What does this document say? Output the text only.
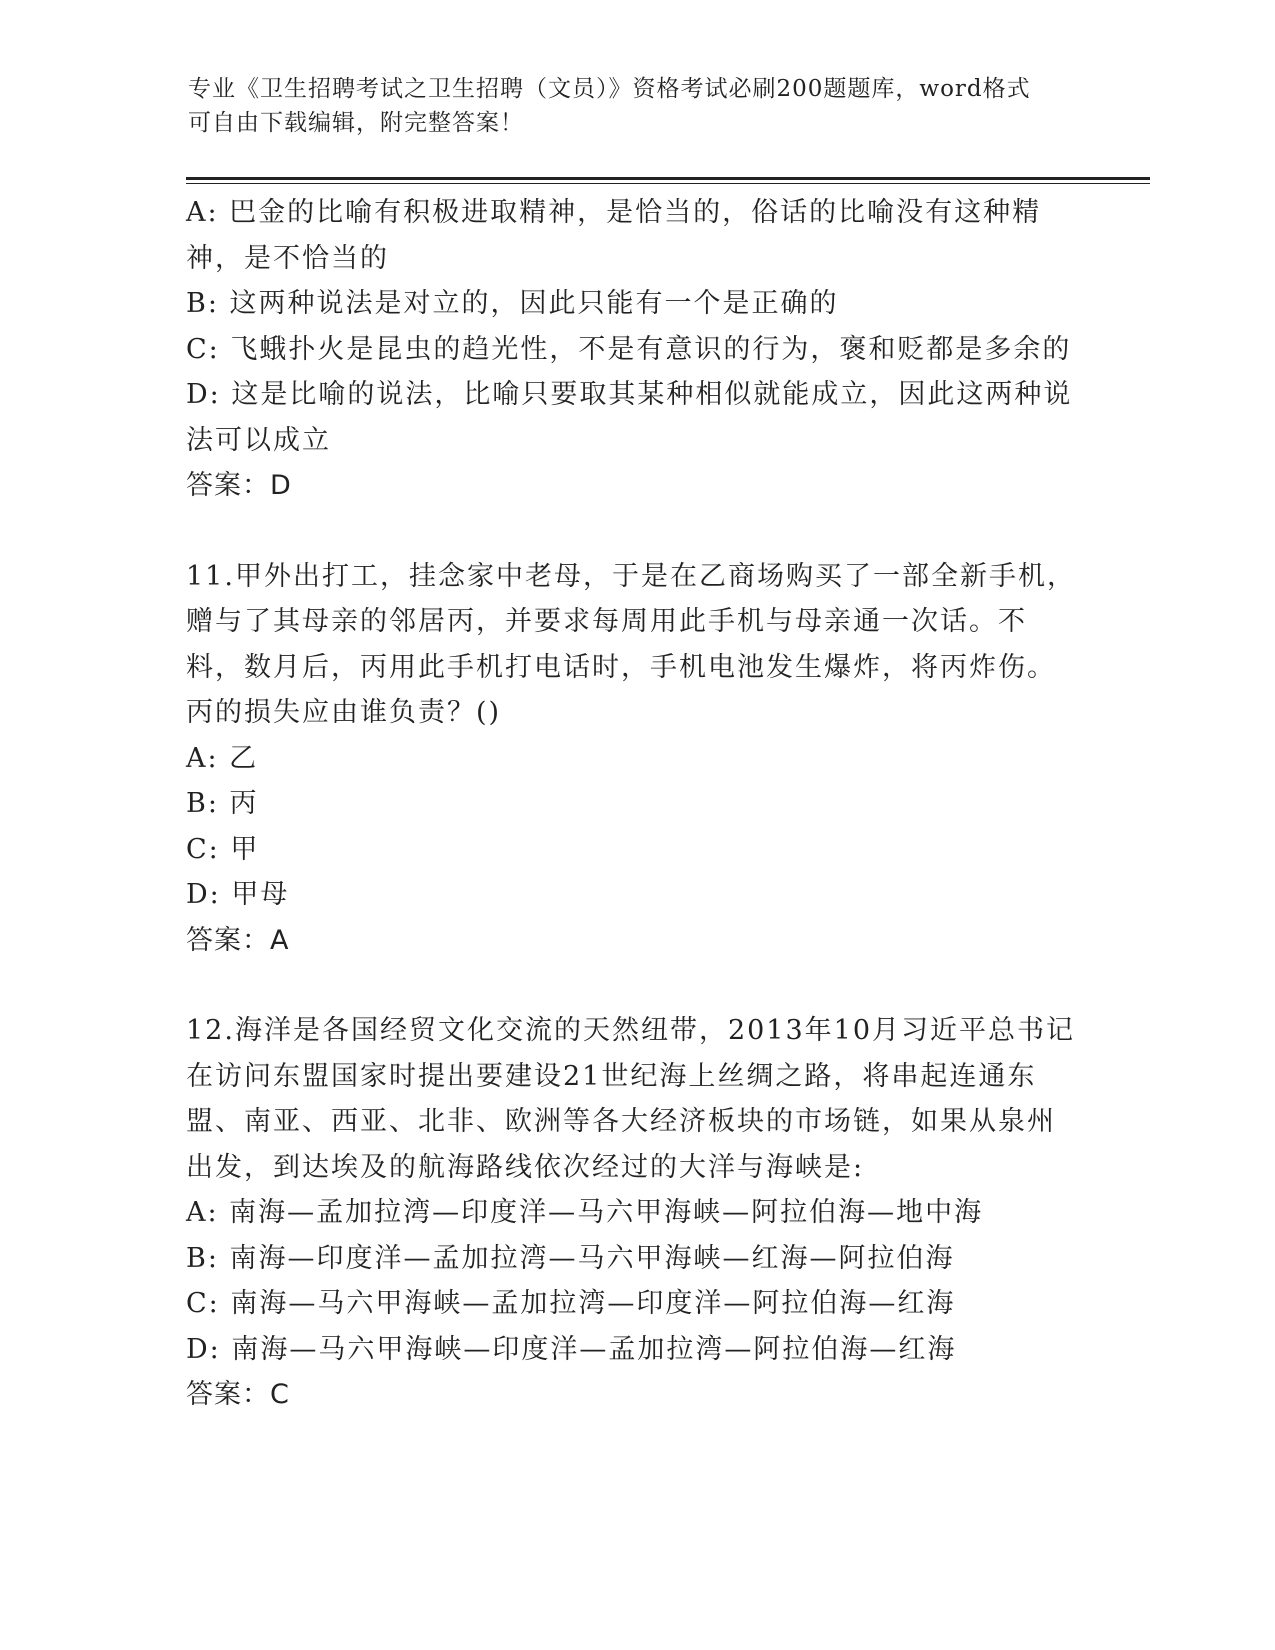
专业《卫生招聘考试之卫生招聘（文员）》资格考试必刷200题题库，word格式
可自由下载编辑，附完整答案！
A: 巴金的比喻有积极进取精神，是恰当的，俗话的比喻没有这种精神，是不恰当的
B: 这两种说法是对立的，因此只能有一个是正确的
C: 飞蛾扑火是昆虫的趋光性，不是有意识的行为，褒和贬都是多余的
D: 这是比喻的说法，比喻只要取其某种相似就能成立，因此这两种说法可以成立
答案：D
11.甲外出打工，挂念家中老母，于是在乙商场购买了一部全新手机，赠与了其母亲的邻居丙，并要求每周用此手机与母亲通一次话。不料，数月后，丙用此手机打电话时，手机电池发生爆炸，将丙炸伤。丙的损失应由谁负责？()
A: 乙
B: 丙
C: 甲
D: 甲母
答案：A
12.海洋是各国经贸文化交流的天然纽带，2013年10月习近平总书记在访问东盟国家时提出要建设21世纪海上丝绸之路，将串起连通东盟、南亚、西亚、北非、欧洲等各大经济板块的市场链，如果从泉州出发，到达埃及的航海路线依次经过的大洋与海峡是:
A: 南海—孟加拉湾—印度洋—马六甲海峡—阿拉伯海—地中海
B: 南海—印度洋—孟加拉湾—马六甲海峡—红海—阿拉伯海
C: 南海—马六甲海峡—孟加拉湾—印度洋—阿拉伯海—红海
D: 南海—马六甲海峡—印度洋—孟加拉湾—阿拉伯海—红海
答案：C
